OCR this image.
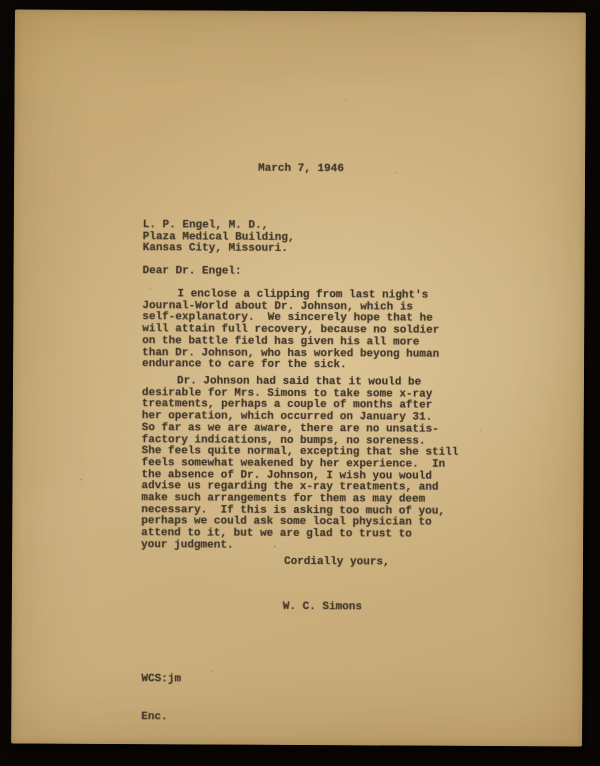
March 7, 1946
L. P. Engel, M. D.,
Plaza Medical Building,
Kansas City, Missouri.
Dear Dr. Engel:
I enclose a clipping from last night's
Journal-World about Dr. Johnson, which is
self-explanatory.  We sincerely hope that he
will attain full recovery, because no soldier
on the battle field has given his all more
than Dr. Johnson, who has worked beyong human
endurance to care for the sick.
Dr. Johnson had said that it would be
desirable for Mrs. Simons to take some x-ray
treatments, perhaps a couple of months after
her operation, which occurred on January 31.
So far as we are aware, there are no unsatis-
factory indications, no bumps, no soreness.
She feels quite normal, excepting that she still
feels somewhat weakened by her experience.  In
the absence of Dr. Johnson, I wish you would
advise us regarding the x-ray treatments, and
make such arrangements for them as may deem
necessary.  If this is asking too much of you,
perhaps we could ask some local physician to
attend to it, but we are glad to trust to
your judgment.
Cordially yours,
W. C. Simons

WCS:jm

Enc.
